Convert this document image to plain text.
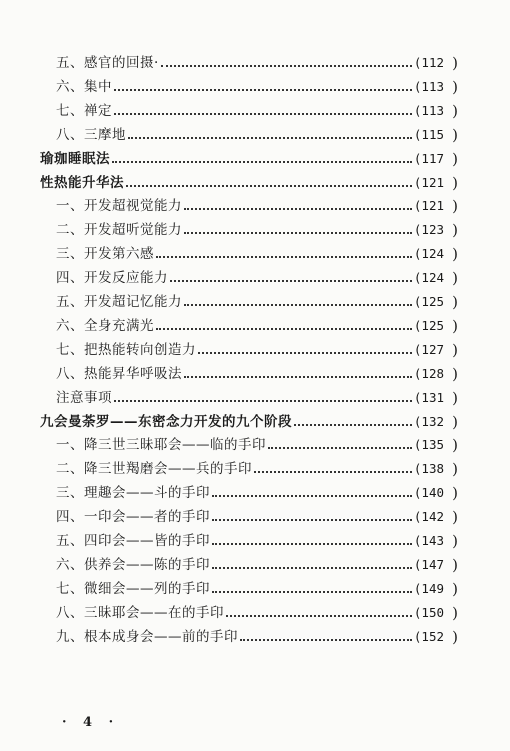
五、感官的回摄·	(112 )
六、集中	(113 )
七、禅定	(113 )
八、三摩地	(115 )
瑜珈睡眠法	(117 )
性热能升华法	(121 )
一、开发超视觉能力	(121 )
二、开发超听觉能力	(123 )
三、开发第六感	(124 )
四、开发反应能力	(124 )
五、开发超记忆能力	(125 )
六、全身充满光	(125 )
七、把热能转向创造力	(127 )
八、热能昇华呼吸法	(128 )
注意事项	(131 )
九会曼荼罗——东密念力开发的九个阶段	(132 )
一、降三世三昧耶会——临的手印	(135 )
二、降三世羯磨会——兵的手印	(138 )
三、理趣会——斗的手印	(140 )
四、一印会——者的手印	(142 )
五、四印会——皆的手印	(143 )
六、供养会——陈的手印	(147 )
七、微细会——列的手印	(149 )
八、三昧耶会——在的手印	(150 )
九、根本成身会——前的手印	(152 )
· 4 ·
